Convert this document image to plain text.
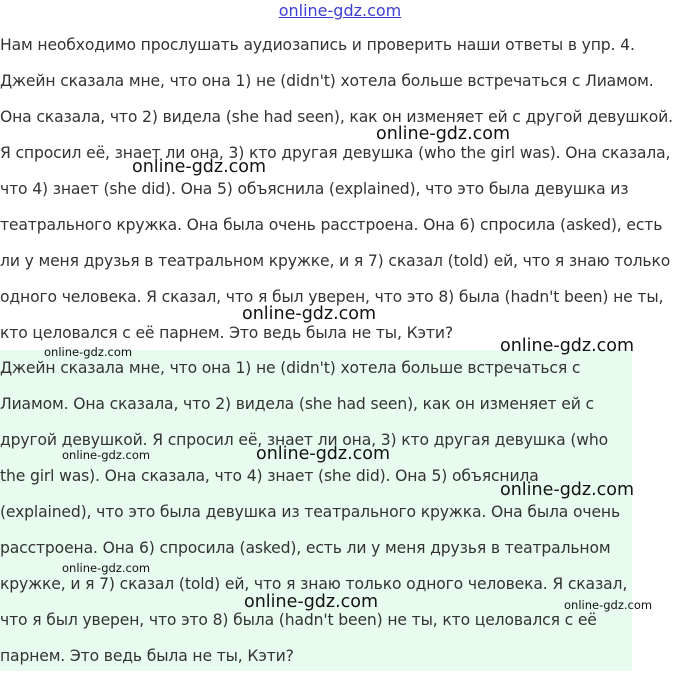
online-gdz.com

Нам необходимо прослушать аудиозапись и проверить наши ответы в упр. 4.

Джейн сказала мне, что она 1) не (didn't) хотела больше встречаться с Лиамом. Она сказала, что 2) видела (she had seen), как он изменяет ей с другой девушкой. Я спросил её, знает ли она, 3) кто другая девушка (who the girl was). Она сказала, что 4) знает (she did). Она 5) объяснила (explained), что это была девушка из театрального кружка. Она была очень расстроена. Она 6) спросила (asked), есть ли у меня друзья в театральном кружке, и я 7) сказал (told) ей, что я знаю только одного человека. Я сказал, что я был уверен, что это 8) была (hadn't been) не ты, кто целовался с её парнем. Это ведь была не ты, Кэти?

Джейн сказала мне, что она 1) не (didn't) хотела больше встречаться с Лиамом. Она сказала, что 2) видела (she had seen), как он изменяет ей с другой девушкой. Я спросил её, знает ли она, 3) кто другая девушка (who the girl was). Она сказала, что 4) знает (she did). Она 5) объяснила (explained), что это была девушка из театрального кружка. Она была очень расстроена. Она 6) спросила (asked), есть ли у меня друзья в театральном кружке, и я 7) сказал (told) ей, что я знаю только одного человека. Я сказал, что я был уверен, что это 8) была (hadn't been) не ты, кто целовался с её парнем. Это ведь была не ты, Кэти?

online-gdz.com
online-gdz.com
online-gdz.com
online-gdz.com
online-gdz.com
online-gdz.com	online-gdz.com
online-gdz.com
online-gdz.com
online-gdz.com	online-gdz.com
